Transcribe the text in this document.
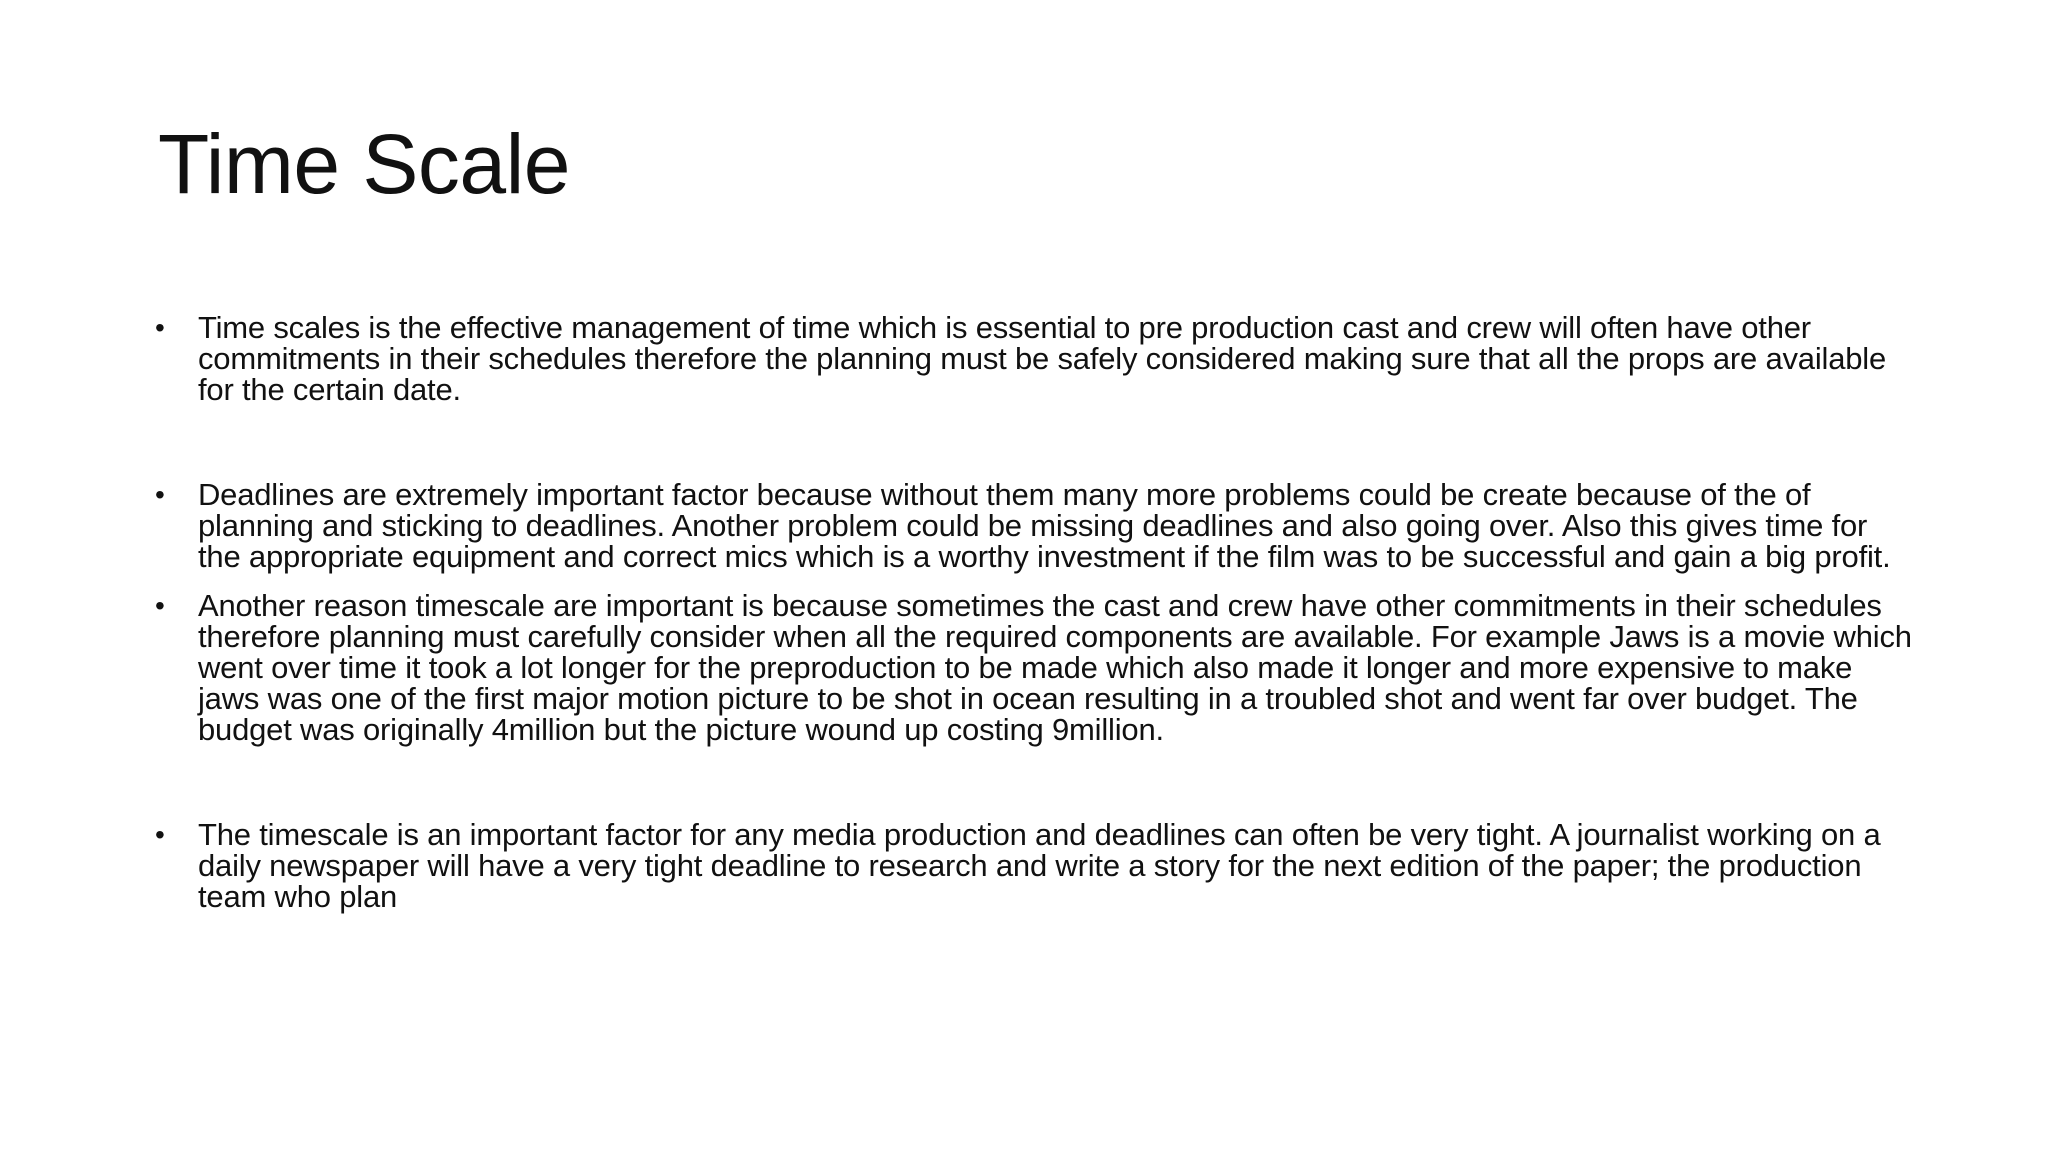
Time Scale
•	Time scales is the effective management of time which is essential to pre production cast and crew will often have other commitments in their schedules therefore the planning must be safely considered making sure that all the props are available for the certain date.
•	Deadlines are extremely important factor because without them many more problems could be create because of the of planning and sticking to deadlines. Another problem could be missing deadlines and also going over. Also this gives time for the appropriate equipment and correct mics which is a worthy investment if the film was to be successful and gain a big profit.
•	Another reason timescale are important is because sometimes the cast and crew have other commitments in their schedules therefore planning must carefully consider when all the required components are available. For example Jaws is a movie which went over time it took a lot longer for the preproduction to be made which also made it longer and more expensive to make jaws was one of the first major motion picture to be shot in ocean resulting in a troubled shot and went far over budget. The budget was originally 4million but the picture wound up costing 9million.
•	The timescale is an important factor for any media production and deadlines can often be very tight. A journalist working on a daily newspaper will have a very tight deadline to research and write a story for the next edition of the paper; the production team who plan
